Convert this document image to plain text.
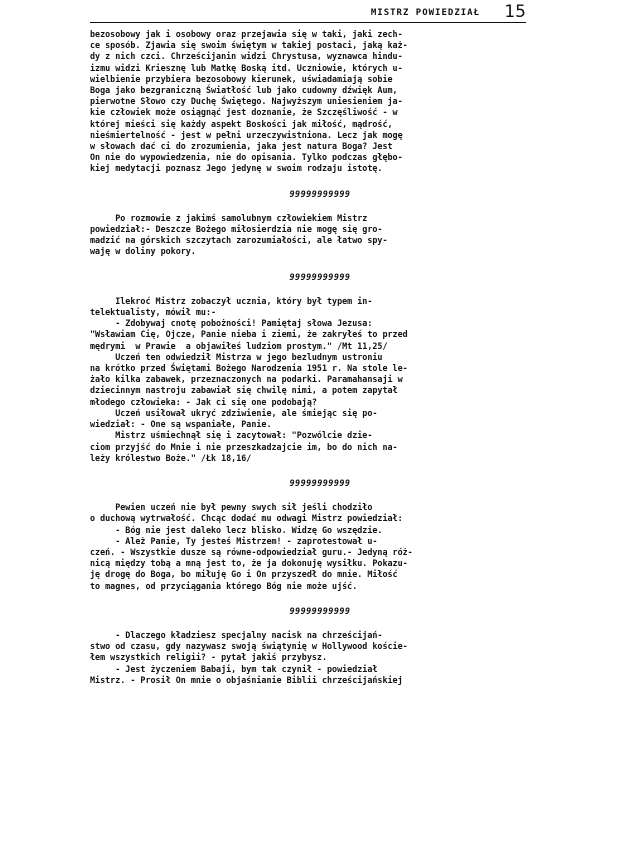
MISTRZ POWIEDZIAŁ 15

bezosobowy jak i osobowy oraz przejawia się w taki, jaki zech-

ce sposób. Zjawia się swoim świętym w takiej postaci, jaką każ-

dy z nich czci. Chrześcijanin widzi Chrystusa, wyznawca hindu-

izmu widzi Kriesznę lub Matkę Boską itd. Uczniowie, których u-

wielbienie przybiera bezosobowy kierunek, uświadamiają sobie

Boga jako bezgraniczną Światłość lub jako cudowny dźwięk Aum,

pierwotne Słowo czy Duchę Świętego. Najwyższym uniesieniem ja-

kie człowiek może osiągnąć jest doznanie, że Szczęśliwość - w

której mieści się każdy aspekt Boskości jak miłość, mądrość,

nieśmiertelność - jest w pełni urzeczywistniona. Lecz jak mogę

w słowach dać ci do zrozumienia, jaka jest natura Boga? Jest

On nie do wypowiedzenia, nie do opisania. Tylko podczas głębo-

kiej medytacji poznasz Jego jedynę w swoim rodzaju istotę.

99999999999

Po rozmowie z jakimś samolubnym człowiekiem Mistrz

powiedział:- Deszcze Bożego miłosierdzia nie mogę się gro-

madzić na górskich szczytach zarozumiałości, ale łatwo spy-

waję w doliny pokory.

99999999999

Ilekroć Mistrz zobaczył ucznia, który był typem in-

telektualisty, mówił mu:-

- Zdobywaj cnotę pobożności! Pamiętaj słowa Jezusa:

"Wsławiam Cię, Ojcze, Panie nieba i ziemi, że zakryłeś to przed

mędrymi  w Prawie  a objawiłeś ludziom prostym." /Mt 11,25/

Uczeń ten odwiedził Mistrza w jego bezludnym ustroniu

na krótko przed Świętami Bożego Narodzenia 1951 r. Na stole le-

żało kilka zabawek, przeznaczonych na podarki. Paramahansaji w

dziecinnym nastroju zabawiał się chwilę nimi, a potem zapytał

młodego człowieka: - Jak ci się one podobają?

Uczeń usiłował ukryć zdziwienie, ale śmiejąc się po-

wiedział: - One są wspaniałe, Panie.

Mistrz uśmiechnął się i zacytował: "Pozwólcie dzie-

ciom przyjść do Mnie i nie przeszkadzajcie im, bo do nich na-

leży królestwo Boże." /Łk 18,16/

99999999999

Pewien uczeń nie był pewny swych sił jeśli chodziło

o duchową wytrwałość. Chcąc dodać mu odwagi Mistrz powiedział:

- Bóg nie jest daleko lecz blisko. Widzę Go wszędzie.

- Ależ Panie, Ty jesteś Mistrzem! - zaprotestował u-

czeń. - Wszystkie dusze są równe-odpowiedział guru.- Jedyną róż-

nicą między tobą a mną jest to, że ja dokonuję wysiłku. Pokazu-

ję drogę do Boga, bo miłuję Go i On przyszedł do mnie. Miłość

to magnes, od przyciągania którego Bóg nie może ujść.

99999999999

- Dlaczego kładziesz specjalny nacisk na chrześcijań-

stwo od czasu, gdy nazywasz swoją świątynię w Hollywood koście-

łem wszystkich religii? - pytał jakiś przybysz.

- Jest życzeniem Babaji, bym tak czynił - powiedział

Mistrz. - Prosił On mnie o objaśnianie Biblii chrześcijańskiej
